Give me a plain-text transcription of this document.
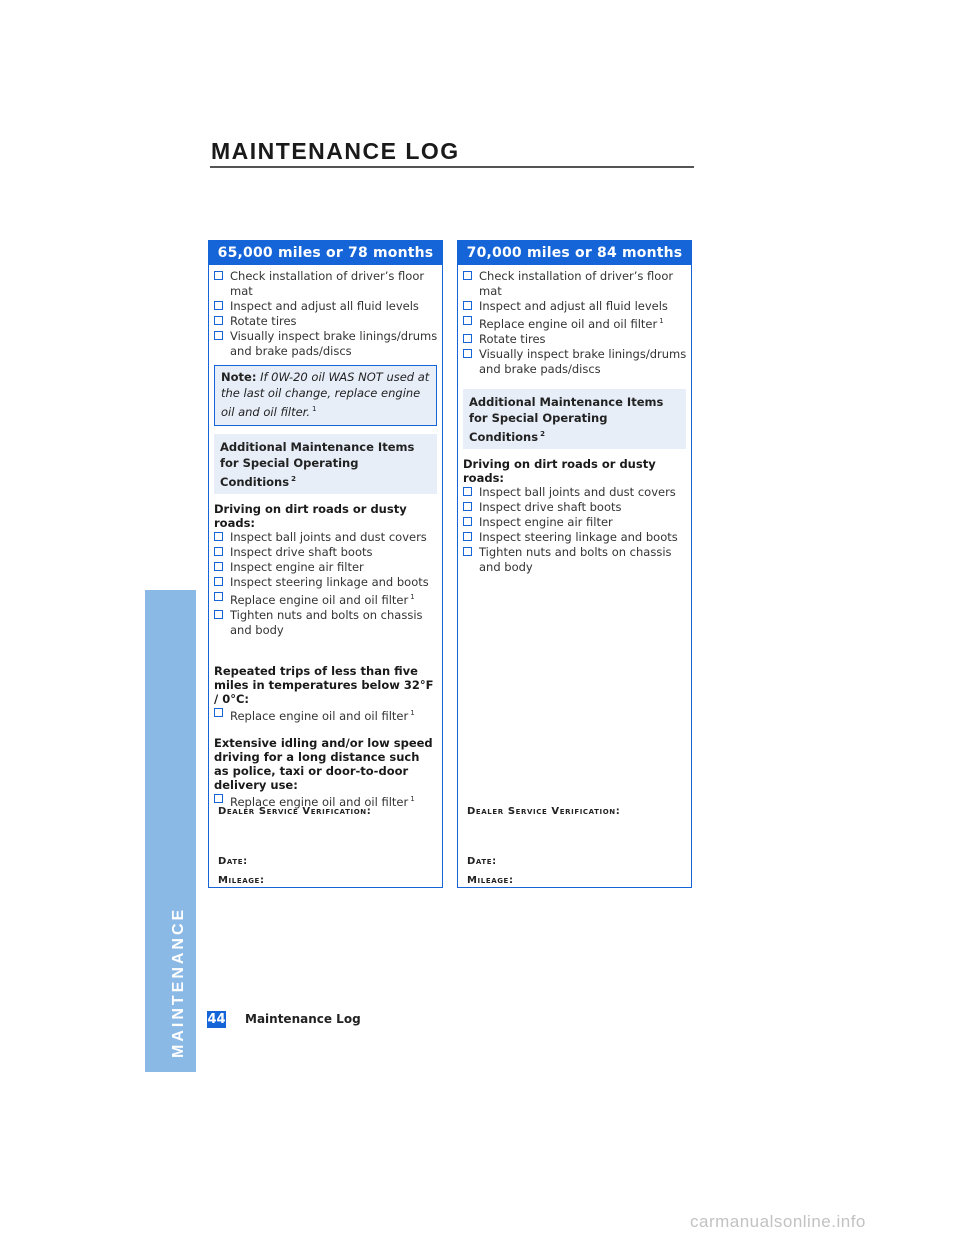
MAINTENANCE
MAINTENANCE LOG
65,000 miles or 78 months
Check installation of driver’s floor mat
Inspect and adjust all fluid levels
Rotate tires
Visually inspect brake linings/drums and brake pads/discs
Note: If 0W-20 oil WAS NOT used at the last oil change, replace engine oil and oil filter. $^1$
Additional Maintenance Items for Special Operating Conditions $^2$
Driving on dirt roads or dusty roads:
Inspect ball joints and dust covers
Inspect drive shaft boots
Inspect engine air filter
Inspect steering linkage and boots
Replace engine oil and oil filter $^1$
Tighten nuts and bolts on chassis and body
Repeated trips of less than five miles in temperatures below 32°F / 0°C:
Replace engine oil and oil filter $^1$
Extensive idling and/or low speed driving for a long distance such as police, taxi or door-to-door delivery use:
Replace engine oil and oil filter $^1$
Dealer Service Verification:
Date:
Mileage:
70,000 miles or 84 months
Check installation of driver’s floor mat
Inspect and adjust all fluid levels
Replace engine oil and oil filter $^1$
Rotate tires
Visually inspect brake linings/drums and brake pads/discs
Additional Maintenance Items for Special Operating Conditions $^2$
Driving on dirt roads or dusty roads:
Inspect ball joints and dust covers
Inspect drive shaft boots
Inspect engine air filter
Inspect steering linkage and boots
Tighten nuts and bolts on chassis and body
Dealer Service Verification:
Date:
Mileage:
44 Maintenance Log
carmanualsonline.info
